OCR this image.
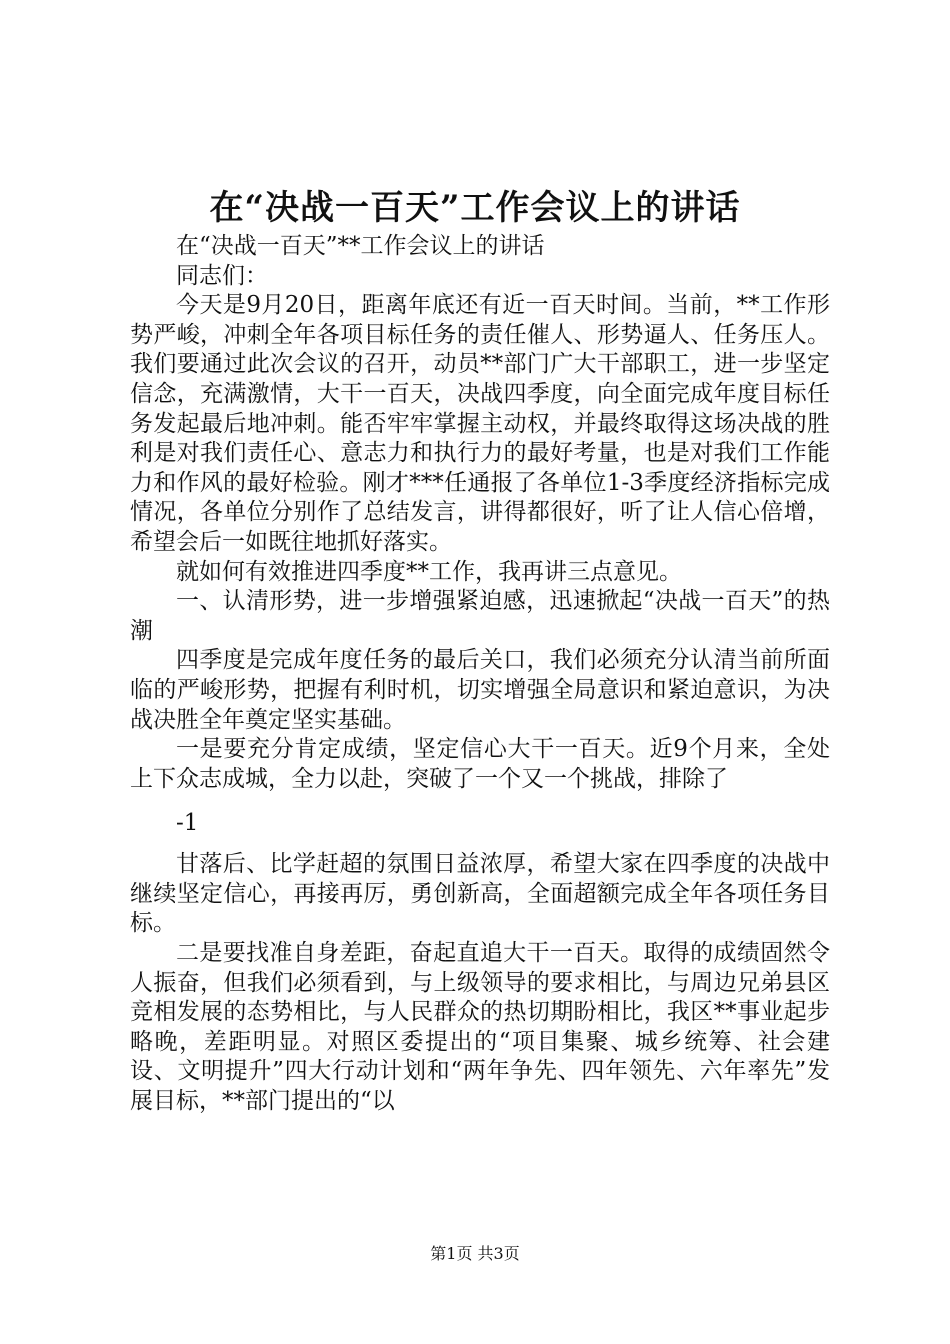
在“决战一百天”工作会议上的讲话

在“决战一百天”**工作会议上的讲话

同志们：

今天是9月20日，距离年底还有近一百天时间。当前，**工作形势严峻，冲刺全年各项目标任务的责任催人、形势逼人、任务压人。我们要通过此次会议的召开，动员**部门广大干部职工，进一步坚定信念，充满激情，大干一百天，决战四季度，向全面完成年度目标任务发起最后地冲刺。能否牢牢掌握主动权，并最终取得这场决战的胜利是对我们责任心、意志力和执行力的最好考量，也是对我们工作能力和作风的最好检验。刚才***任通报了各单位1-3季度经济指标完成情况，各单位分别作了总结发言，讲得都很好，听了让人信心倍增，希望会后一如既往地抓好落实。

就如何有效推进四季度**工作，我再讲三点意见。

一、认清形势，进一步增强紧迫感，迅速掀起“决战一百天”的热潮

四季度是完成年度任务的最后关口，我们必须充分认清当前所面临的严峻形势，把握有利时机，切实增强全局意识和紧迫意识，为决战决胜全年奠定坚实基础。

一是要充分肯定成绩，坚定信心大干一百天。近9个月来，全处上下众志成城，全力以赴，突破了一个又一个挑战，排除了

-1

甘落后、比学赶超的氛围日益浓厚，希望大家在四季度的决战中继续坚定信心，再接再厉，勇创新高，全面超额完成全年各项任务目标。

二是要找准自身差距，奋起直追大干一百天。取得的成绩固然令人振奋，但我们必须看到，与上级领导的要求相比，与周边兄弟县区竞相发展的态势相比，与人民群众的热切期盼相比，我区**事业起步略晚，差距明显。对照区委提出的“项目集聚、城乡统筹、社会建设、文明提升”四大行动计划和“两年争先、四年领先、六年率先”发展目标，**部门提出的“以

第1页 共3页
